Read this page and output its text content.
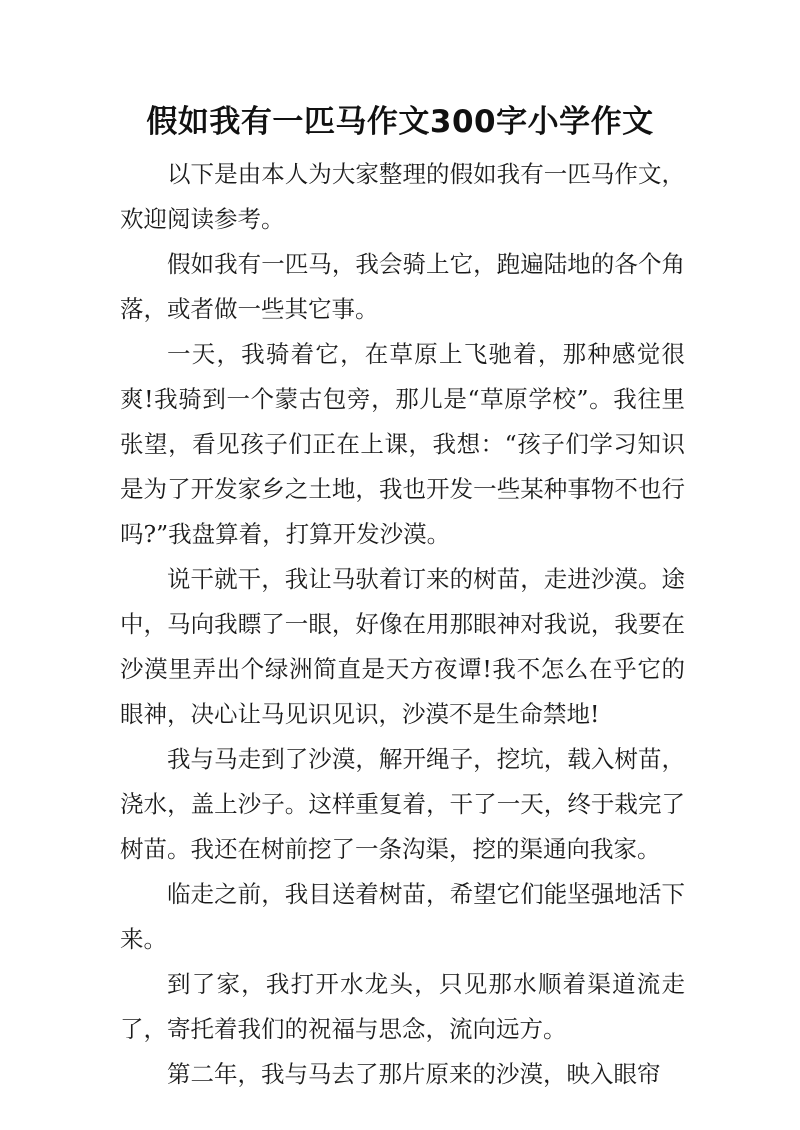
假如我有一匹马作文300字小学作文

以下是由本人为大家整理的假如我有一匹马作文，欢迎阅读参考。

假如我有一匹马，我会骑上它，跑遍陆地的各个角落，或者做一些其它事。

一天，我骑着它，在草原上飞驰着，那种感觉很爽!我骑到一个蒙古包旁，那儿是“草原学校”。我往里张望，看见孩子们正在上课，我想：“孩子们学习知识是为了开发家乡之土地，我也开发一些某种事物不也行吗?”我盘算着，打算开发沙漠。

说干就干，我让马驮着订来的树苗，走进沙漠。途中，马向我瞟了一眼，好像在用那眼神对我说，我要在沙漠里弄出个绿洲简直是天方夜谭!我不怎么在乎它的眼神，决心让马见识见识，沙漠不是生命禁地!

我与马走到了沙漠，解开绳子，挖坑，载入树苗，浇水，盖上沙子。这样重复着，干了一天，终于栽完了树苗。我还在树前挖了一条沟渠，挖的渠通向我家。

临走之前，我目送着树苗，希望它们能坚强地活下来。

到了家，我打开水龙头，只见那水顺着渠道流走了，寄托着我们的祝福与思念，流向远方。

第二年，我与马去了那片原来的沙漠，映入眼帘
